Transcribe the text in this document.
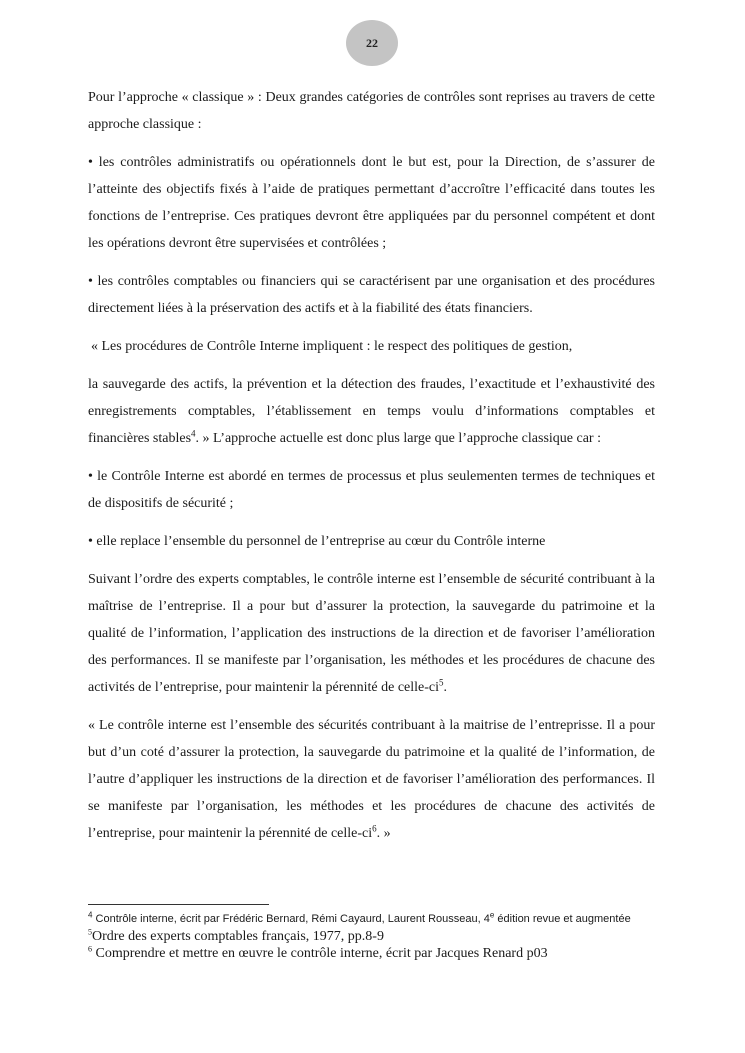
22

Pour l’approche « classique » : Deux grandes catégories de contrôles sont reprises au travers de cette approche classique :

• les contrôles administratifs ou opérationnels dont le but est, pour la Direction, de s’assurer de l’atteinte des objectifs fixés à l’aide de pratiques permettant d’accroître l’efficacité dans toutes les fonctions de l’entreprise. Ces pratiques devront être appliquées par du personnel compétent et dont les opérations devront être supervisées et contrôlées ;

• les contrôles comptables ou financiers qui se caractérisent par une organisation et des procédures directement liées à la préservation des actifs et à la fiabilité des états financiers.

« Les procédures de Contrôle Interne impliquent : le respect des politiques de gestion,

la sauvegarde des actifs, la prévention et la détection des fraudes, l’exactitude et l’exhaustivité des enregistrements comptables, l’établissement en temps voulu d’informations comptables et financières stables$^4$. » L’approche actuelle est donc plus large que l’approche classique car :

• le Contrôle Interne est abordé en termes de processus et plus seulementen termes de techniques et de dispositifs de sécurité ;

• elle replace l’ensemble du personnel de l’entreprise au cœur du Contrôle interne

Suivant l’ordre des experts comptables, le contrôle interne est l’ensemble de sécurité contribuant à la maîtrise de l’entreprise. Il a pour but d’assurer la protection, la sauvegarde du patrimoine et la qualité de l’information, l’application des instructions de la direction et de favoriser l’amélioration des performances. Il se manifeste par l’organisation, les méthodes et les procédures de chacune des activités de l’entreprise, pour maintenir la pérennité de celle-$ci^5$.

« Le contrôle interne est l’ensemble des sécurités contribuant à la maitrise de l’entreprisse. Il a pour but d’un coté d’assurer la protection, la sauvegarde du patrimoine et la qualité de l’information, de l’autre d’appliquer les instructions de la direction et de favoriser l’amélioration des performances. Il se manifeste par l’organisation, les méthodes et les procédures de chacune des activités de l’entreprise, pour maintenir la pérennité de celle-$ci^6$. »

$^4$ Contrôle interne, écrit par Frédéric Bernard, Rémi Cayaurd, Laurent Rousseau, 4e édition revue et augmentée

$^5$Ordre des experts comptables français, 1977, pp.8-9

$^6$ Comprendre et mettre en œuvre le contrôle interne, écrit par Jacques Renard p03
